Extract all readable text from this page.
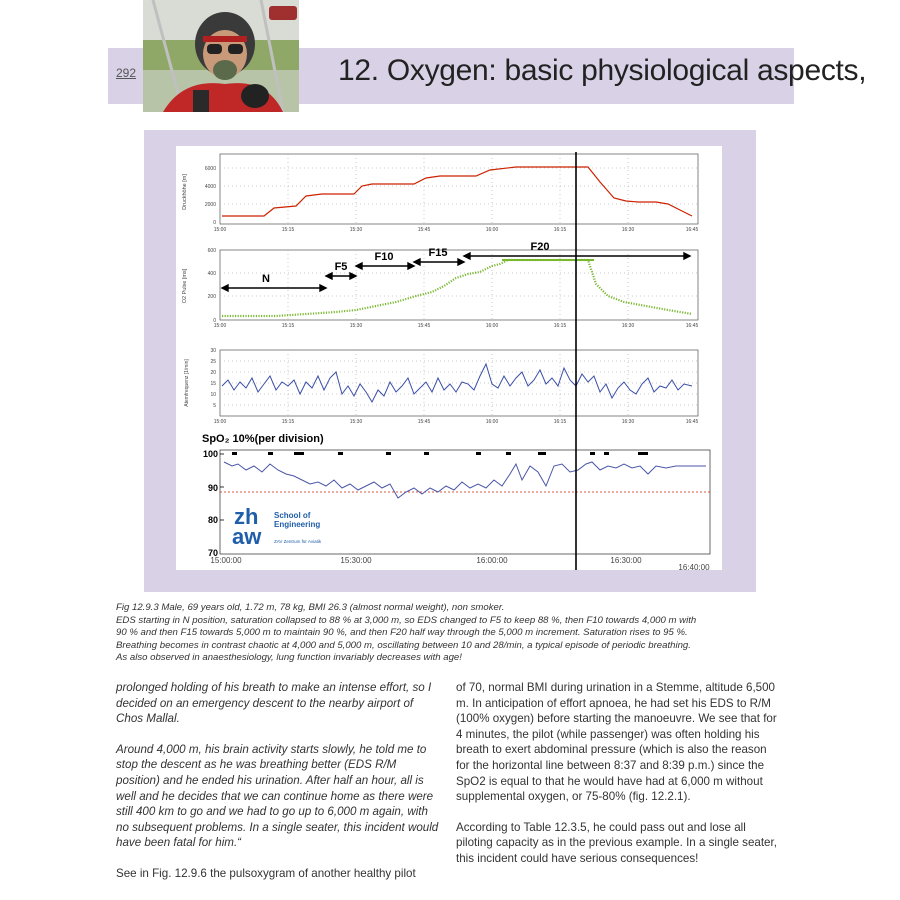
292	12. Oxygen: basic physiological aspects,
Druckhöhe [m]
6000
4000
2000
0
15:00	15:15	15:30	15:45	16:00	16:15	16:30	16:45
O2 Pulse [ms]
600
400
200
0
15:00	15:15	15:30	15:45	16:00	16:15	16:30	16:45
N
F5
F10	F15	F20
Atemfrequenz [1/min]
30
25
20
15
10
5
15:00	15:15	15:30	15:45	16:00	16:15	16:30	16:45
SpO₂ 10%(per division)
100
90
80
70
15:00:00	15:30:00	16:00:00	16:30:00
16:40:00
zh
aw
School of
Engineering
ZAV Zentrum für Aviatik

Fig 12.9.3 Male, 69 years old, 1.72 m, 78 kg, BMI 26.3 (almost normal weight), non smoker.

EDS starting in N position, saturation collapsed to 88 % at 3,000 m, so EDS changed to F5 to keep 88 %, then F10 towards 4,000 m with

90 % and then F15 towards 5,000 m to maintain 90 %, and then F20 half way through the 5,000 m increment. Saturation rises to 95 %.

Breathing becomes in contrast chaotic at 4,000 and 5,000 m, oscillating between 10 and 28/min, a typical episode of periodic breathing.

As also observed in anaesthesiology, lung function invariably decreases with age!

prolonged holding of his breath to make an intense effort, so I decided on an emergency descent to the nearby airport of Chos Mallal.

Around 4,000 m, his brain activity starts slowly, he told me to stop the descent as he was breathing better (EDS R/M position) and he ended his urination. After half an hour, all is well and he decides that we can continue home as there were still 400 km to go and we had to go up to 6,000 m again, with no subsequent problems. In a single seater, this incident would have been fatal for him.“

See in Fig. 12.9.6 the pulsoxygram of another healthy pilot

of 70, normal BMI during urination in a Stemme, altitude 6,500 m. In anticipation of effort apnoea, he had set his EDS to R/M (100% oxygen) before starting the manoeuvre. We see that for 4 minutes, the pilot (while passenger) was often holding his breath to exert abdominal pressure (which is also the reason for the horizontal line between 8:37 and 8:39 p.m.) since the SpO2 is equal to that he would have had at 6,000 m without supplemental oxygen, or 75-80% (fig. 12.2.1).

According to Table 12.3.5, he could pass out and lose all piloting capacity as in the previous example. In a single seater, this incident could have serious consequences!
